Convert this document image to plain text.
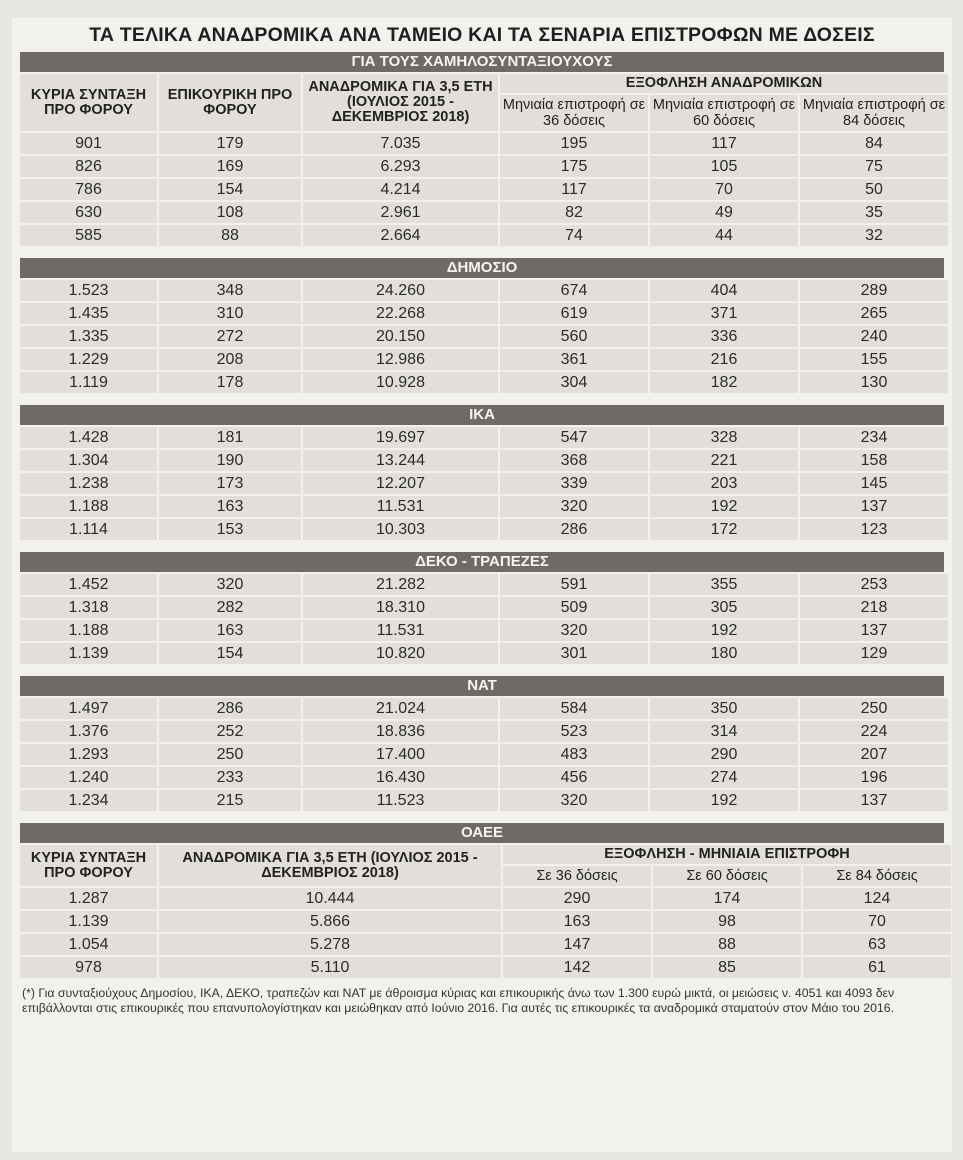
ΤΑ ΤΕΛΙΚΑ ΑΝΑΔΡΟΜΙΚΑ ΑΝΑ ΤΑΜΕΙΟ ΚΑΙ ΤΑ ΣΕΝΑΡΙΑ ΕΠΙΣΤΡΟΦΩΝ ΜΕ ΔΟΣΕΙΣ
ΓΙΑ ΤΟΥΣ ΧΑΜΗΛΟΣΥΝΤΑΞΙΟΥΧΟΥΣ
ΚΥΡΙΑ ΣΥΝΤΑΞΗ ΠΡΟ ΦΟΡΟΥ	ΕΠΙΚΟΥΡΙΚΗ ΠΡΟ ΦΟΡΟΥ	ΑΝΑΔΡΟΜΙΚΑ ΓΙΑ 3,5 ΕΤΗ (ΙΟΥΛΙΟΣ 2015 - ΔΕΚΕΜΒΡΙΟΣ 2018)	ΕΞΟΦΛΗΣΗ ΑΝΑΔΡΟΜΙΚΩΝ		
			Μηνιαία επιστροφή σε 36 δόσεις	Μηνιαία επιστροφή σε 60 δόσεις	Μηνιαία επιστροφή σε 84 δόσεις
901	179	7.035	195	117	84
826	169	6.293	175	105	75
786	154	4.214	117	70	50
630	108	2.961	82	49	35
585	88	2.664	74	44	32
ΔΗΜΟΣΙΟ
1.523	348	24.260	674	404	289
1.435	310	22.268	619	371	265
1.335	272	20.150	560	336	240
1.229	208	12.986	361	216	155
1.119	178	10.928	304	182	130
ΙΚΑ
1.428	181	19.697	547	328	234
1.304	190	13.244	368	221	158
1.238	173	12.207	339	203	145
1.188	163	11.531	320	192	137
1.114	153	10.303	286	172	123
ΔΕΚΟ - ΤΡΑΠΕΖΕΣ
1.452	320	21.282	591	355	253
1.318	282	18.310	509	305	218
1.188	163	11.531	320	192	137
1.139	154	10.820	301	180	129
ΝΑΤ
1.497	286	21.024	584	350	250
1.376	252	18.836	523	314	224
1.293	250	17.400	483	290	207
1.240	233	16.430	456	274	196
1.234	215	11.523	320	192	137
ΟΑΕΕ
ΚΥΡΙΑ ΣΥΝΤΑΞΗ ΠΡΟ ΦΟΡΟΥ	ΑΝΑΔΡΟΜΙΚΑ ΓΙΑ 3,5 ΕΤΗ (ΙΟΥΛΙΟΣ 2015 - ΔΕΚΕΜΒΡΙΟΣ 2018)	ΕΞΟΦΛΗΣΗ - ΜΗΝΙΑΙΑ ΕΠΙΣΤΡΟΦΗ		
		Σε 36 δόσεις	Σε 60 δόσεις	Σε 84 δόσεις
1.287	10.444	290	174	124
1.139	5.866	163	98	70
1.054	5.278	147	88	63
978	5.110	142	85	61
(*) Για συνταξιούχους Δημοσίου, ΙΚΑ, ΔΕΚΟ, τραπεζών και ΝΑΤ με άθροισμα κύριας και επικουρικής άνω των 1.300 ευρώ μικτά, οι μειώσεις ν. 4051 και 4093 δεν επιβάλλονται στις επικουρικές που επανυπολογίστηκαν και μειώθηκαν από Ιούνιο 2016. Για αυτές τις επικουρικές τα αναδρομικά σταματούν στον Μάιο του 2016.
